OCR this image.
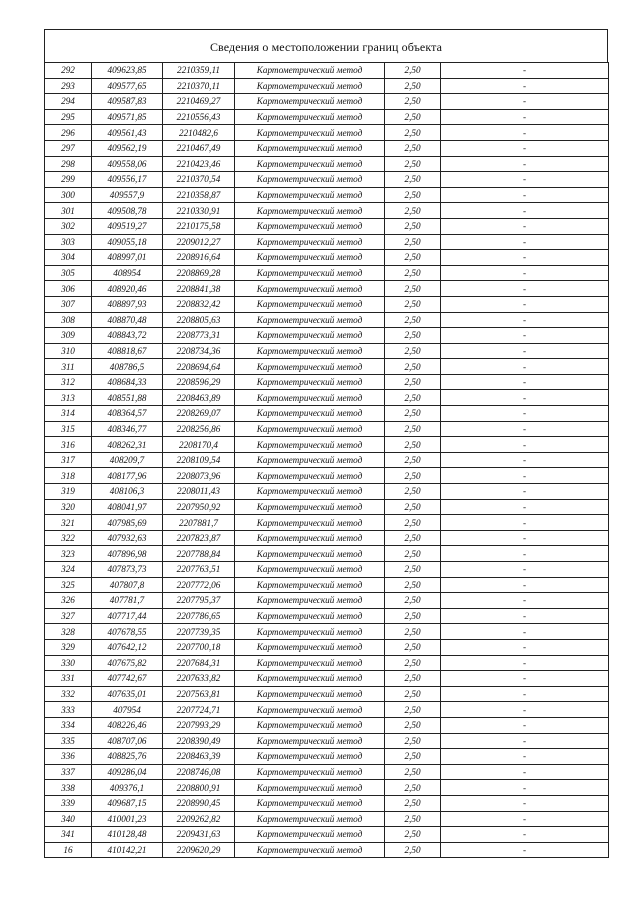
Сведения о местоположении границ объекта
292	409623,85	2210359,11	Картометрический метод	2,50	-
293	409577,65	2210370,11	Картометрический метод	2,50	-
294	409587,83	2210469,27	Картометрический метод	2,50	-
295	409571,85	2210556,43	Картометрический метод	2,50	-
296	409561,43	2210482,6	Картометрический метод	2,50	-
297	409562,19	2210467,49	Картометрический метод	2,50	-
298	409558,06	2210423,46	Картометрический метод	2,50	-
299	409556,17	2210370,54	Картометрический метод	2,50	-
300	409557,9	2210358,87	Картометрический метод	2,50	-
301	409508,78	2210330,91	Картометрический метод	2,50	-
302	409519,27	2210175,58	Картометрический метод	2,50	-
303	409055,18	2209012,27	Картометрический метод	2,50	-
304	408997,01	2208916,64	Картометрический метод	2,50	-
305	408954	2208869,28	Картометрический метод	2,50	-
306	408920,46	2208841,38	Картометрический метод	2,50	-
307	408897,93	2208832,42	Картометрический метод	2,50	-
308	408870,48	2208805,63	Картометрический метод	2,50	-
309	408843,72	2208773,31	Картометрический метод	2,50	-
310	408818,67	2208734,36	Картометрический метод	2,50	-
311	408786,5	2208694,64	Картометрический метод	2,50	-
312	408684,33	2208596,29	Картометрический метод	2,50	-
313	408551,88	2208463,89	Картометрический метод	2,50	-
314	408364,57	2208269,07	Картометрический метод	2,50	-
315	408346,77	2208256,86	Картометрический метод	2,50	-
316	408262,31	2208170,4	Картометрический метод	2,50	-
317	408209,7	2208109,54	Картометрический метод	2,50	-
318	408177,96	2208073,96	Картометрический метод	2,50	-
319	408106,3	2208011,43	Картометрический метод	2,50	-
320	408041,97	2207950,92	Картометрический метод	2,50	-
321	407985,69	2207881,7	Картометрический метод	2,50	-
322	407932,63	2207823,87	Картометрический метод	2,50	-
323	407896,98	2207788,84	Картометрический метод	2,50	-
324	407873,73	2207763,51	Картометрический метод	2,50	-
325	407807,8	2207772,06	Картометрический метод	2,50	-
326	407781,7	2207795,37	Картометрический метод	2,50	-
327	407717,44	2207786,65	Картометрический метод	2,50	-
328	407678,55	2207739,35	Картометрический метод	2,50	-
329	407642,12	2207700,18	Картометрический метод	2,50	-
330	407675,82	2207684,31	Картометрический метод	2,50	-
331	407742,67	2207633,82	Картометрический метод	2,50	-
332	407635,01	2207563,81	Картометрический метод	2,50	-
333	407954	2207724,71	Картометрический метод	2,50	-
334	408226,46	2207993,29	Картометрический метод	2,50	-
335	408707,06	2208390,49	Картометрический метод	2,50	-
336	408825,76	2208463,39	Картометрический метод	2,50	-
337	409286,04	2208746,08	Картометрический метод	2,50	-
338	409376,1	2208800,91	Картометрический метод	2,50	-
339	409687,15	2208990,45	Картометрический метод	2,50	-
340	410001,23	2209262,82	Картометрический метод	2,50	-
341	410128,48	2209431,63	Картометрический метод	2,50	-
16	410142,21	2209620,29	Картометрический метод	2,50	-
